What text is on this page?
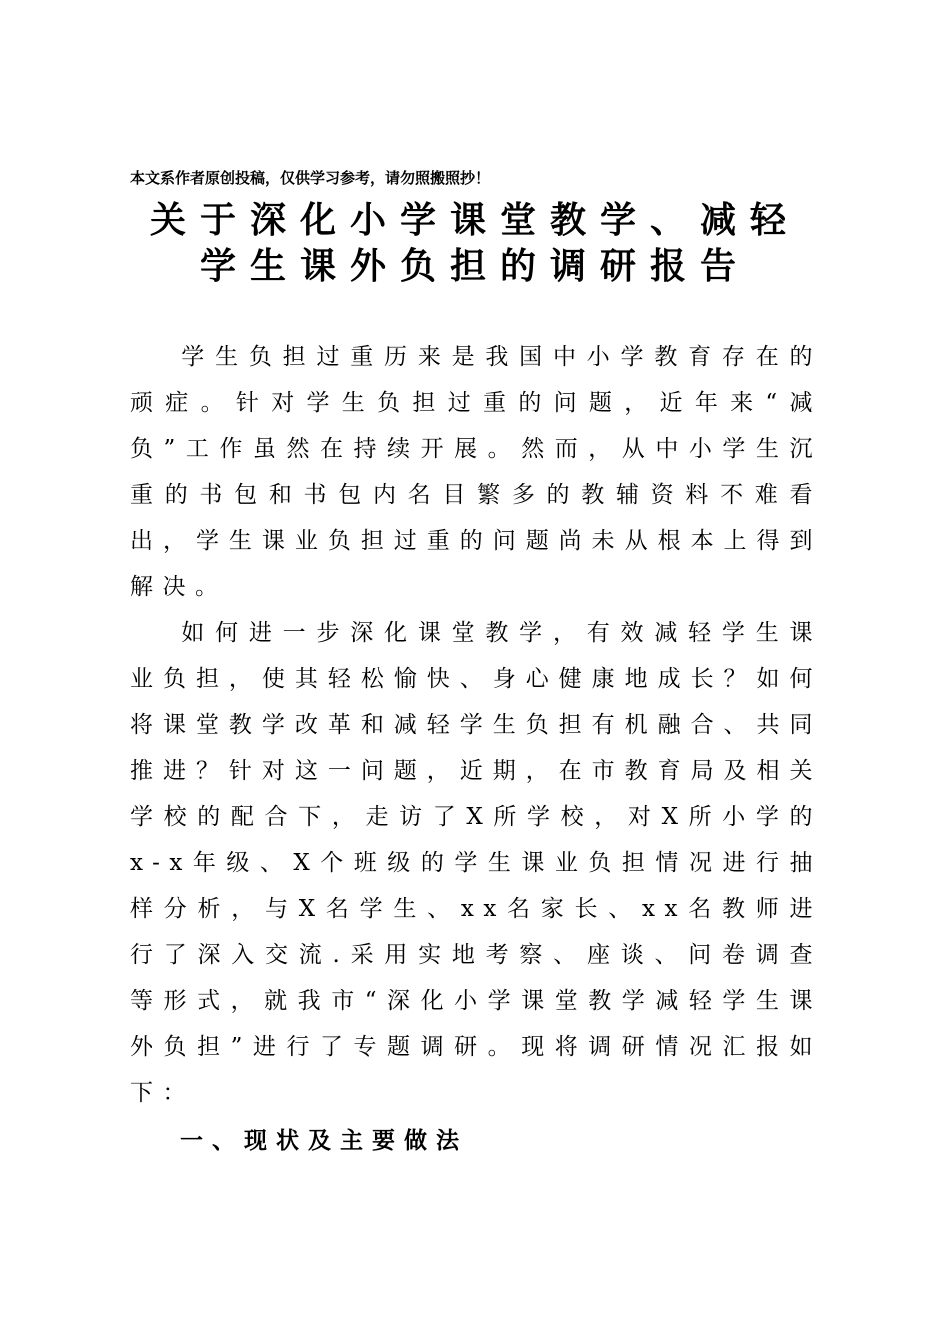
本文系作者原创投稿，仅供学习参考，请勿照搬照抄！
关于深化小学课堂教学、减轻
学生课外负担的调研报告

学生负担过重历来是我国中小学教育存在的顽症。针对学生负担过重的问题，近年来“减负”工作虽然在持续开展。然而，从中小学生沉重的书包和书包内名目繁多的教辅资料不难看出，学生课业负担过重的问题尚未从根本上得到解决。

如何进一步深化课堂教学，有效减轻学生课业负担，使其轻松愉快、身心健康地成长？如何将课堂教学改革和减轻学生负担有机融合、共同推进？针对这一问题，近期，在市教育局及相关学校的配合下，走访了X所学校，对X所小学的x-x年级、X个班级的学生课业负担情况进行抽样分析，与X名学生、xx名家长、xx名教师进行了深入交流.采用实地考察、座谈、问卷调查等形式，就我市“深化小学课堂教学减轻学生课外负担”进行了专题调研。现将调研情况汇报如下：

一、现状及主要做法
